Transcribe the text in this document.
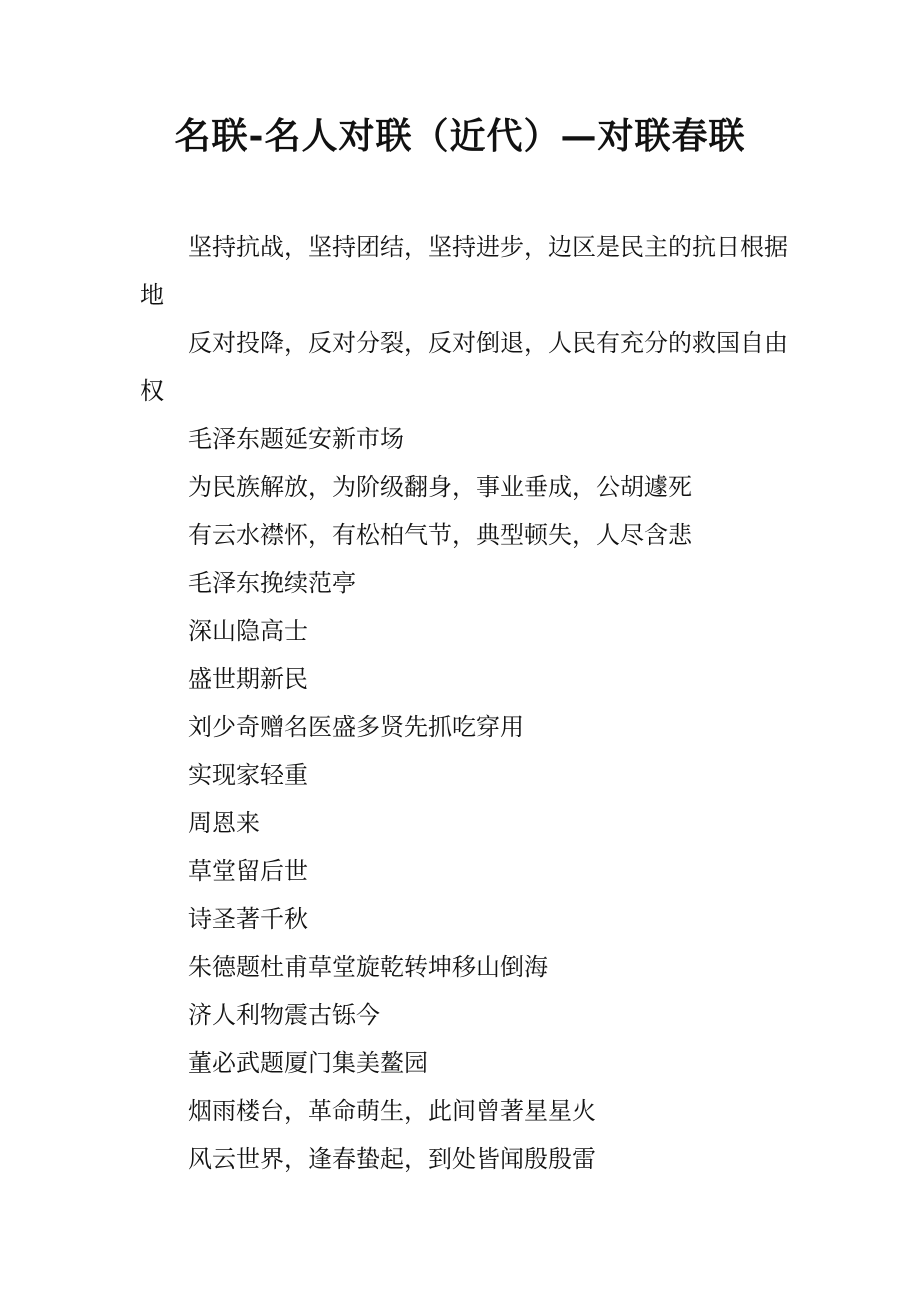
名联-名人对联（近代）—对联春联

坚持抗战，坚持团结，坚持进步，边区是民主的抗日根据地

反对投降，反对分裂，反对倒退，人民有充分的救国自由权

毛泽东题延安新市场

为民族解放，为阶级翻身，事业垂成，公胡遽死

有云水襟怀，有松柏气节，典型顿失，人尽含悲

毛泽东挽续范亭

深山隐高士

盛世期新民

刘少奇赠名医盛多贤先抓吃穿用

实现家轻重

周恩来

草堂留后世

诗圣著千秋

朱德题杜甫草堂旋乾转坤移山倒海

济人利物震古铄今

董必武题厦门集美鳌园

烟雨楼台，革命萌生，此间曾著星星火

风云世界，逢春蛰起，到处皆闻殷殷雷
